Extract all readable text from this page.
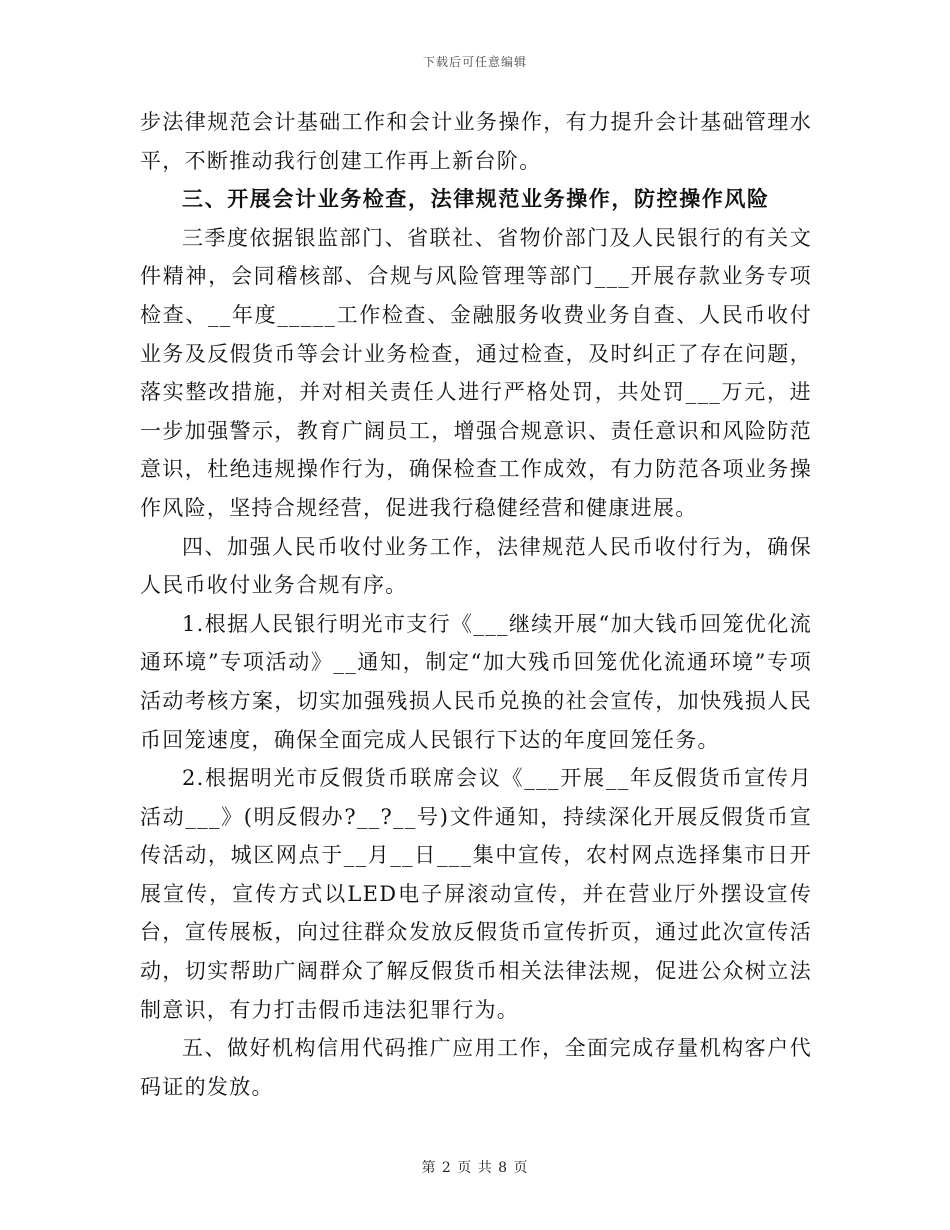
下载后可任意编辑

步法律规范会计基础工作和会计业务操作，有力提升会计基础管理水平，不断推动我行创建工作再上新台阶。

三、开展会计业务检查，法律规范业务操作，防控操作风险

三季度依据银监部门、省联社、省物价部门及人民银行的有关文件精神，会同稽核部、合规与风险管理等部门___开展存款业务专项检查、__年度_____工作检查、金融服务收费业务自查、人民币收付业务及反假货币等会计业务检查，通过检查，及时纠正了存在问题，落实整改措施，并对相关责任人进行严格处罚，共处罚___万元，进一步加强警示，教育广阔员工，增强合规意识、责任意识和风险防范意识，杜绝违规操作行为，确保检查工作成效，有力防范各项业务操作风险，坚持合规经营，促进我行稳健经营和健康进展。

四、加强人民币收付业务工作，法律规范人民币收付行为，确保人民币收付业务合规有序。

1.根据人民银行明光市支行《___继续开展“加大钱币回笼优化流通环境”专项活动》__通知，制定“加大残币回笼优化流通环境”专项活动考核方案，切实加强残损人民币兑换的社会宣传，加快残损人民币回笼速度，确保全面完成人民银行下达的年度回笼任务。

2.根据明光市反假货币联席会议《___开展__年反假货币宣传月活动___》(明反假办?__?__号)文件通知，持续深化开展反假货币宣传活动，城区网点于__月__日___集中宣传，农村网点选择集市日开展宣传，宣传方式以LED电子屏滚动宣传，并在营业厅外摆设宣传台，宣传展板，向过往群众发放反假货币宣传折页，通过此次宣传活动，切实帮助广阔群众了解反假货币相关法律法规，促进公众树立法制意识，有力打击假币违法犯罪行为。

五、做好机构信用代码推广应用工作，全面完成存量机构客户代码证的发放。

第 2 页 共 8 页
